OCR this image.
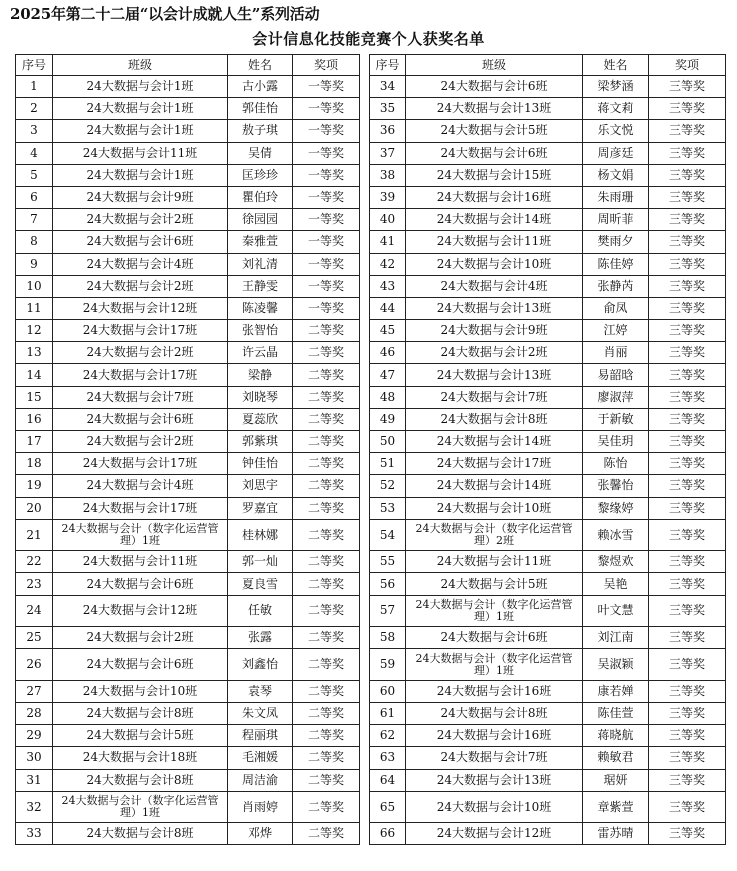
2025年第二十二届“以会计成就人生”系列活动
会计信息化技能竞赛个人获奖名单
序号	班级	姓名	奖项		序号	班级	姓名	奖项
1	24大数据与会计1班	古小露	一等奖		34	24大数据与会计6班	梁梦涵	三等奖
2	24大数据与会计1班	郭佳怡	一等奖		35	24大数据与会计13班	蒋文莉	三等奖
3	24大数据与会计1班	敖子琪	一等奖		36	24大数据与会计5班	乐文悦	三等奖
4	24大数据与会计11班	吴倩	一等奖		37	24大数据与会计6班	周彦廷	三等奖
5	24大数据与会计1班	匡珍珍	一等奖		38	24大数据与会计15班	杨文娟	三等奖
6	24大数据与会计9班	瞿伯玲	一等奖		39	24大数据与会计16班	朱雨珊	三等奖
7	24大数据与会计2班	徐园园	一等奖		40	24大数据与会计14班	周昕菲	三等奖
8	24大数据与会计6班	秦雅萱	一等奖		41	24大数据与会计11班	樊雨夕	三等奖
9	24大数据与会计4班	刘礼清	一等奖		42	24大数据与会计10班	陈佳婷	三等奖
10	24大数据与会计2班	王静雯	一等奖		43	24大数据与会计4班	张静芮	三等奖
11	24大数据与会计12班	陈凌馨	一等奖		44	24大数据与会计13班	俞凤	三等奖
12	24大数据与会计17班	张智怡	二等奖		45	24大数据与会计9班	江婷	三等奖
13	24大数据与会计2班	许云晶	二等奖		46	24大数据与会计2班	肖丽	三等奖
14	24大数据与会计17班	梁静	二等奖		47	24大数据与会计13班	易韶晗	三等奖
15	24大数据与会计7班	刘晓琴	二等奖		48	24大数据与会计7班	廖淑萍	三等奖
16	24大数据与会计6班	夏蕊欣	二等奖		49	24大数据与会计8班	于新敏	三等奖
17	24大数据与会计2班	郭紫琪	二等奖		50	24大数据与会计14班	吴佳玥	三等奖
18	24大数据与会计17班	钟佳怡	二等奖		51	24大数据与会计17班	陈怡	三等奖
19	24大数据与会计4班	刘思宇	二等奖		52	24大数据与会计14班	张馨怡	三等奖
20	24大数据与会计17班	罗嘉宜	二等奖		53	24大数据与会计10班	黎缘婷	三等奖
21	24大数据与会计（数字化运营管理）1班	桂林娜	二等奖		54	24大数据与会计（数字化运营管理）2班	赖冰雪	三等奖
22	24大数据与会计11班	郭一灿	二等奖		55	24大数据与会计11班	黎煜欢	三等奖
23	24大数据与会计6班	夏良雪	二等奖		56	24大数据与会计5班	吴艳	三等奖
24	24大数据与会计12班	任敏	二等奖		57	24大数据与会计（数字化运营管理）1班	叶文慧	三等奖
25	24大数据与会计2班	张露	二等奖		58	24大数据与会计6班	刘江南	三等奖
26	24大数据与会计6班	刘鑫怡	二等奖		59	24大数据与会计（数字化运营管理）1班	吴淑颖	三等奖
27	24大数据与会计10班	袁琴	二等奖		60	24大数据与会计16班	康若婵	三等奖
28	24大数据与会计8班	朱文凤	二等奖		61	24大数据与会计8班	陈佳萱	三等奖
29	24大数据与会计5班	程丽琪	二等奖		62	24大数据与会计16班	蒋晓航	三等奖
30	24大数据与会计18班	毛湘媛	二等奖		63	24大数据与会计7班	赖敏君	三等奖
31	24大数据与会计8班	周洁渝	二等奖		64	24大数据与会计13班	琚妍	三等奖
32	24大数据与会计（数字化运营管理）1班	肖雨婷	二等奖		65	24大数据与会计10班	章紫萱	三等奖
33	24大数据与会计8班	邓烨	二等奖		66	24大数据与会计12班	雷苏晴	三等奖
